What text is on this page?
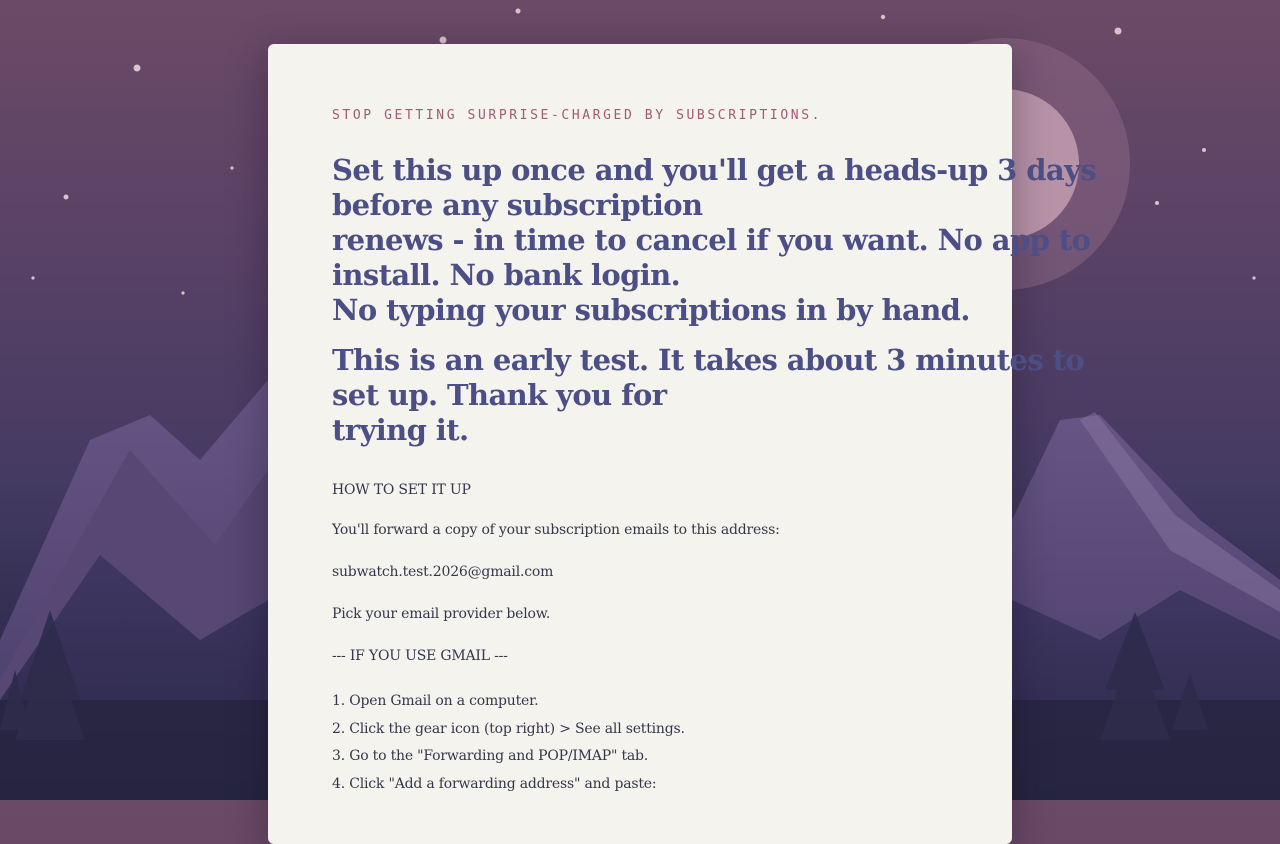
STOP GETTING SURPRISE-CHARGED BY SUBSCRIPTIONS.
Set this up once and you'll get a heads-up 3 days
before any subscription
renews - in time to cancel if you want. No app to
install. No bank login.
No typing your subscriptions in by hand.
This is an early test. It takes about 3 minutes to
set up. Thank you for
trying it.
HOW TO SET IT UP
You'll forward a copy of your subscription emails to this address:
subwatch.test.2026@gmail.com
Pick your email provider below.
--- IF YOU USE GMAIL ---
1. Open Gmail on a computer.
2. Click the gear icon (top right) > See all settings.
3. Go to the "Forwarding and POP/IMAP" tab.
4. Click "Add a forwarding address" and paste:
